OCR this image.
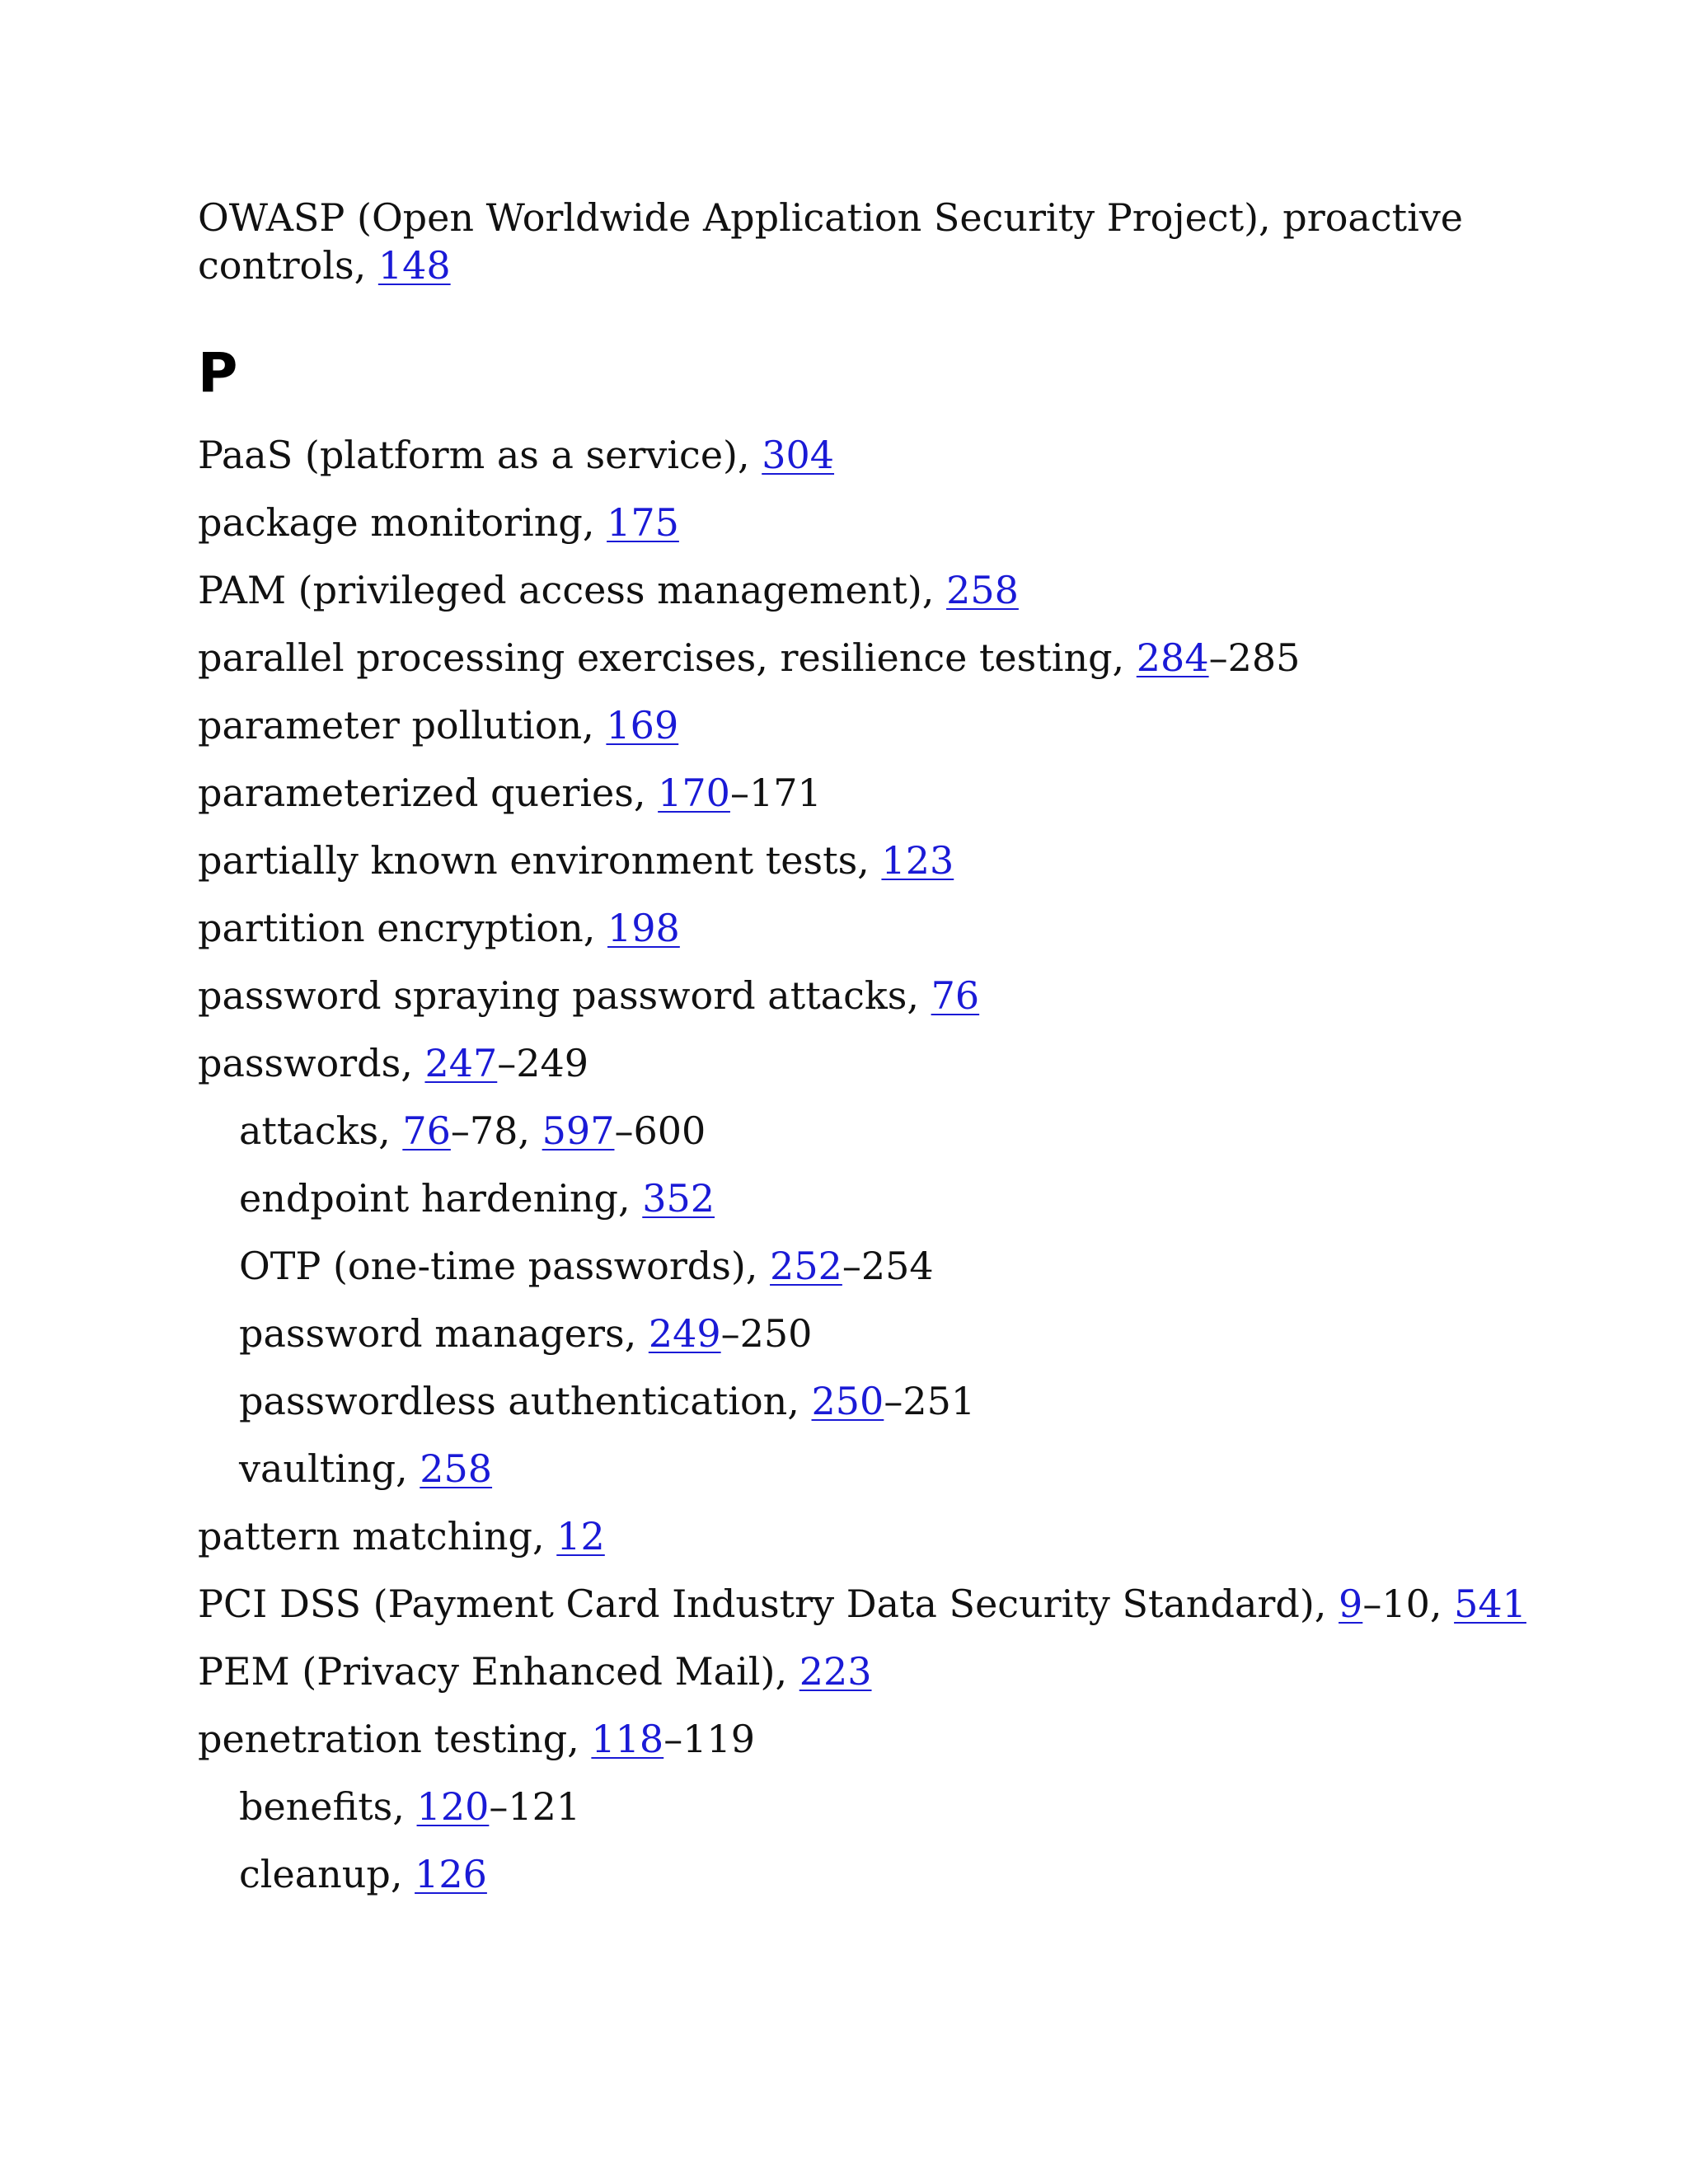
OWASP (Open Worldwide Application Security Project), proactive controls, 148
P
PaaS (platform as a service), 304
package monitoring, 175
PAM (privileged access management), 258
parallel processing exercises, resilience testing, 284–285
parameter pollution, 169
parameterized queries, 170–171
partially known environment tests, 123
partition encryption, 198
password spraying password attacks, 76
passwords, 247–249
attacks, 76–78, 597–600
endpoint hardening, 352
OTP (one-time passwords), 252–254
password managers, 249–250
passwordless authentication, 250–251
vaulting, 258
pattern matching, 12
PCI DSS (Payment Card Industry Data Security Standard), 9–10, 541
PEM (Privacy Enhanced Mail), 223
penetration testing, 118–119
benefits, 120–121
cleanup, 126
